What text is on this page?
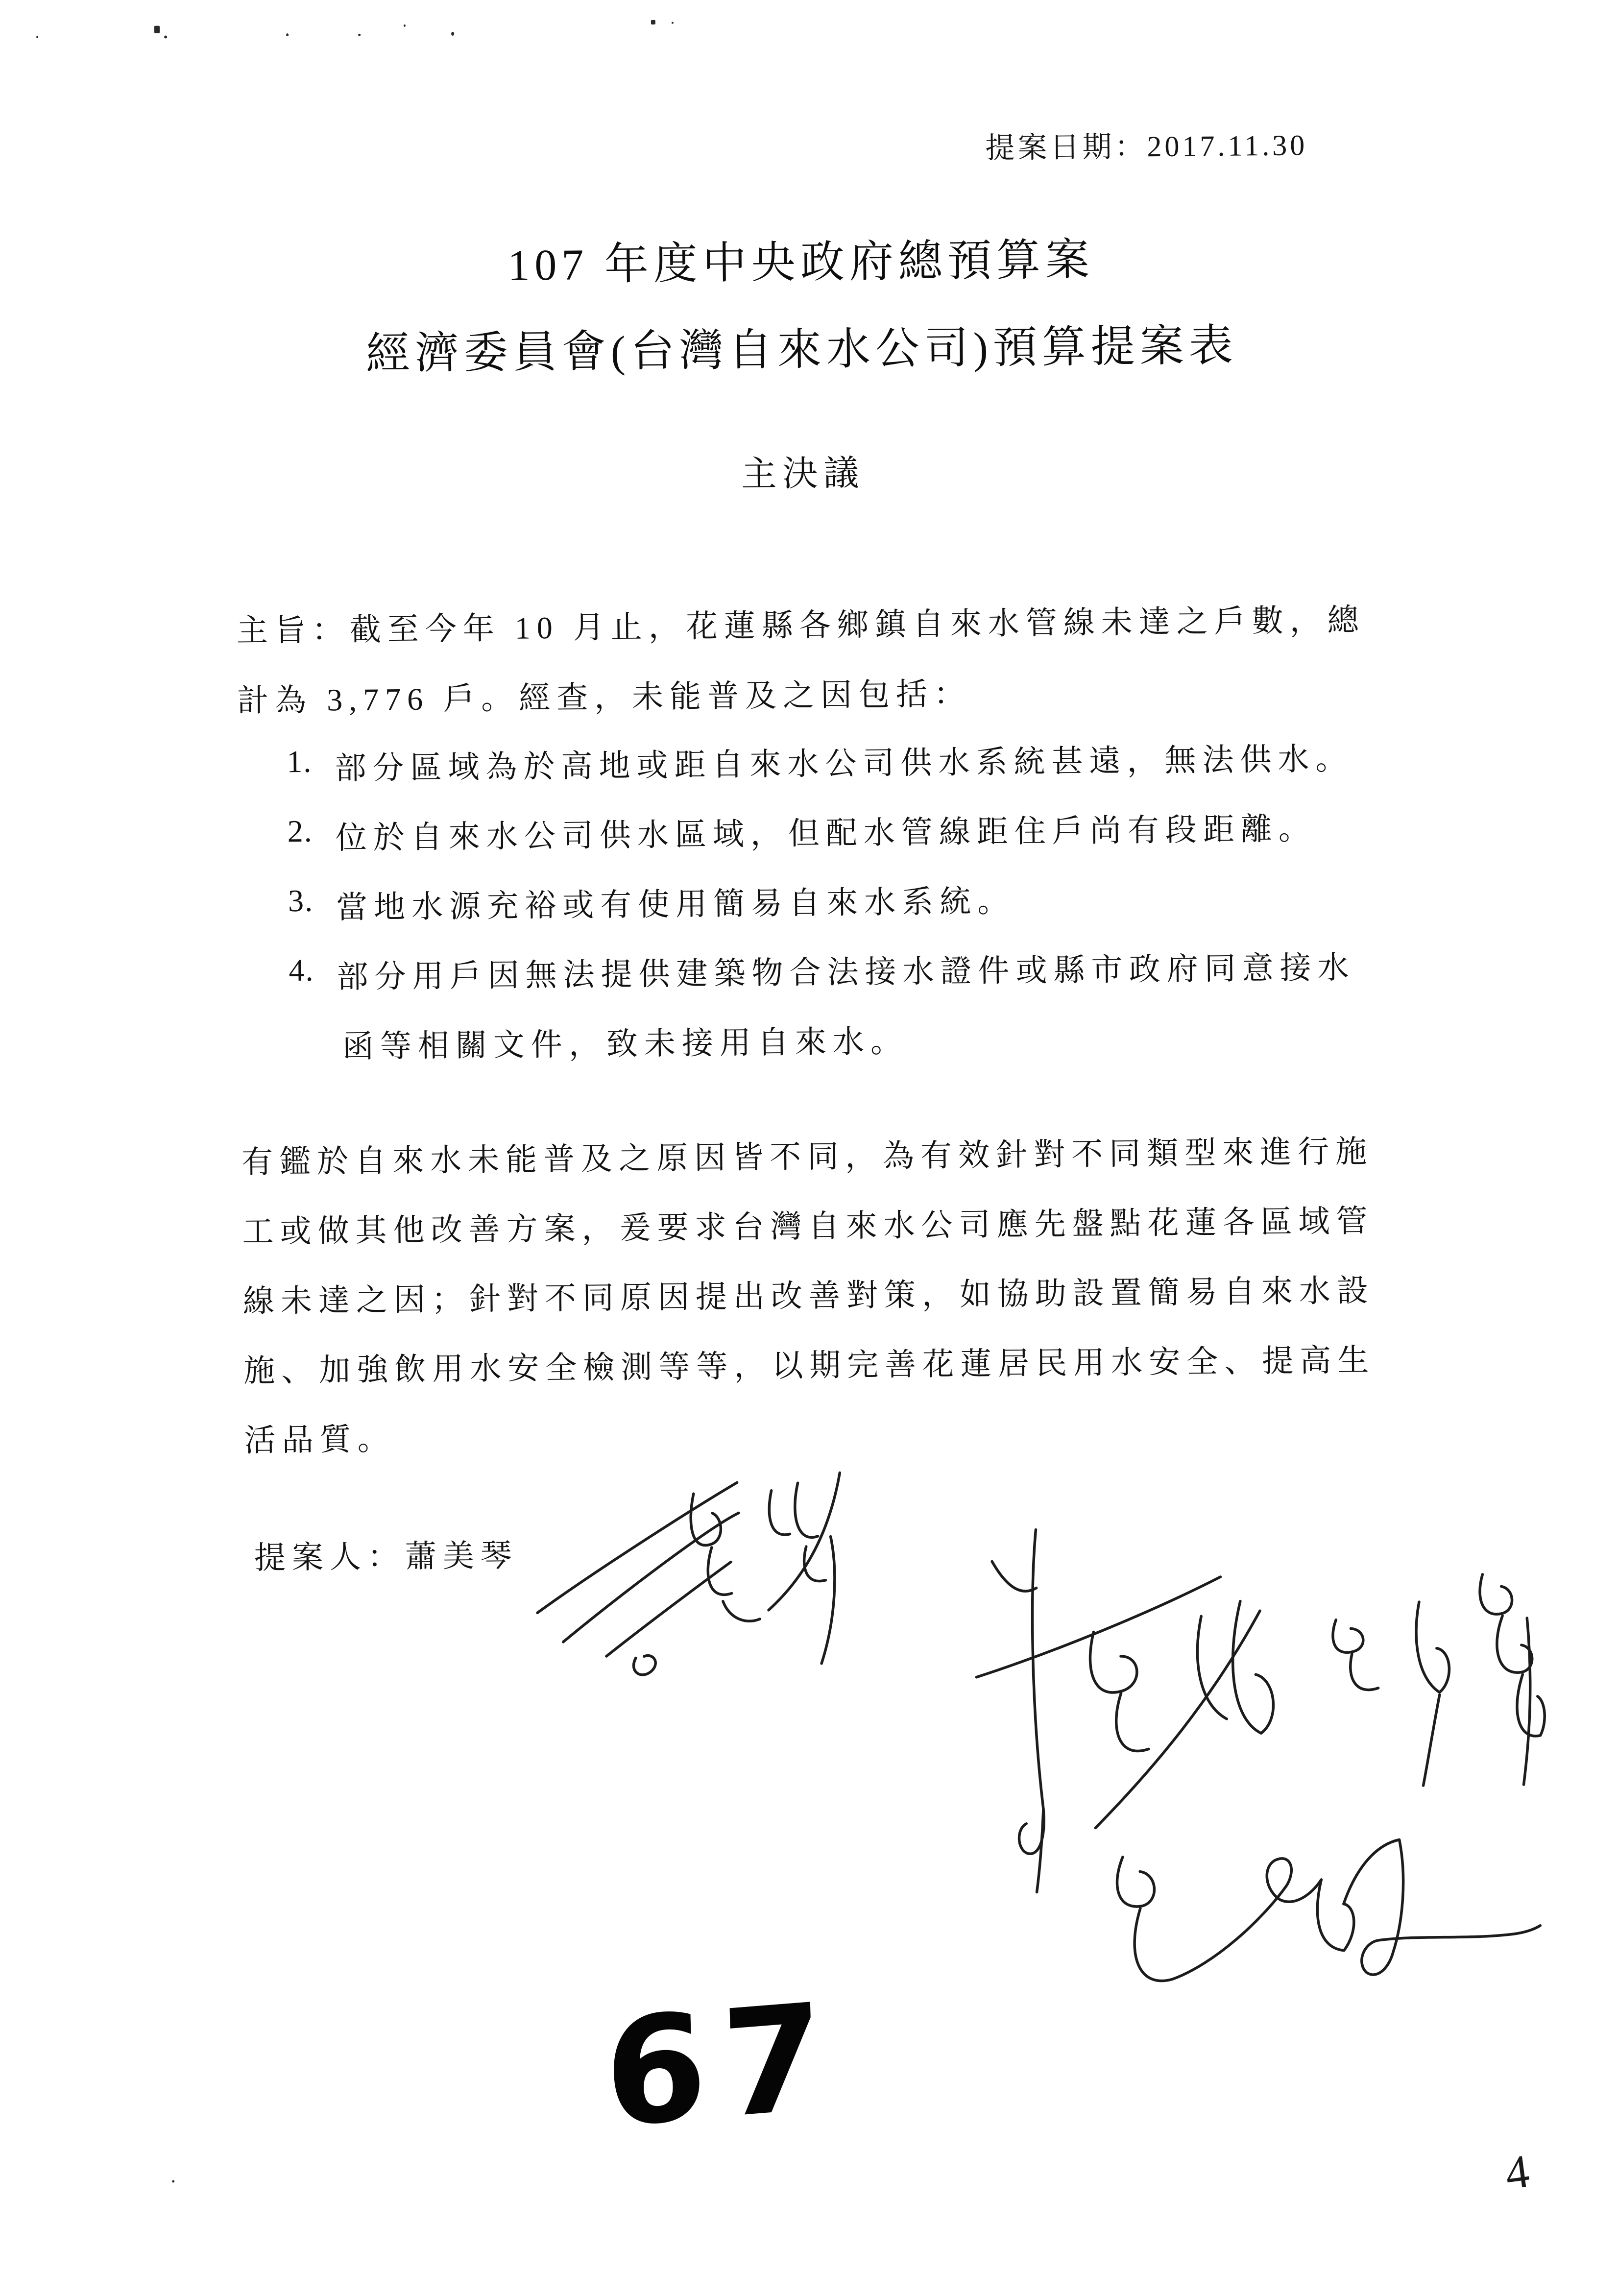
提案日期：2017.11.30
107 年度中央政府總預算案
經濟委員會(台灣自來水公司)預算提案表
主決議
主旨：截至今年 10 月止，花蓮縣各鄉鎮自來水管線未達之戶數，總
計為 3,776 戶。經查，未能普及之因包括：
1. 部分區域為於高地或距自來水公司供水系統甚遠，無法供水。
2. 位於自來水公司供水區域，但配水管線距住戶尚有段距離。
3. 當地水源充裕或有使用簡易自來水系統。
4. 部分用戶因無法提供建築物合法接水證件或縣市政府同意接水
函等相關文件，致未接用自來水。
有鑑於自來水未能普及之原因皆不同，為有效針對不同類型來進行施
工或做其他改善方案，爰要求台灣自來水公司應先盤點花蓮各區域管
線未達之因；針對不同原因提出改善對策，如協助設置簡易自來水設
施、加強飲用水安全檢測等等，以期完善花蓮居民用水安全、提高生
活品質。
提案人：蕭美琴
67
4
